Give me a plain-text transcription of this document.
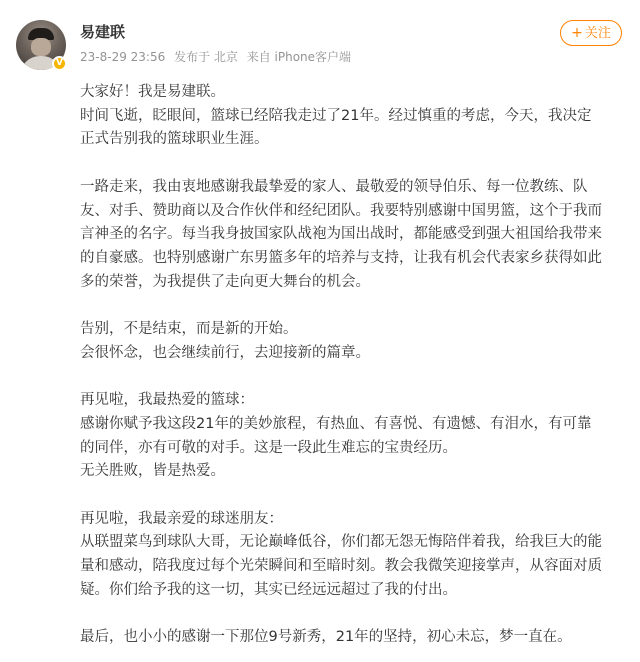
V
易建联
23-8-29 23:56 发布于 北京 来自 iPhone客户端
+ 关注

大家好！我是易建联。

时间飞逝，眨眼间，篮球已经陪我走过了21年。经过慎重的考虑，今天，我决定

正式告别我的篮球职业生涯。

一路走来，我由衷地感谢我最挚爱的家人、最敬爱的领导伯乐、每一位教练、队

友、对手、赞助商以及合作伙伴和经纪团队。我要特别感谢中国男篮，这个于我而

言神圣的名字。每当我身披国家队战袍为国出战时，都能感受到强大祖国给我带来

的自豪感。也特别感谢广东男篮多年的培养与支持，让我有机会代表家乡获得如此

多的荣誉，为我提供了走向更大舞台的机会。

告别，不是结束，而是新的开始。

会很怀念，也会继续前行，去迎接新的篇章。

再见啦，我最热爱的篮球：

感谢你赋予我这段21年的美妙旅程，有热血、有喜悦、有遗憾、有泪水，有可靠

的同伴，亦有可敬的对手。这是一段此生难忘的宝贵经历。

无关胜败，皆是热爱。

再见啦，我最亲爱的球迷朋友：

从联盟菜鸟到球队大哥，无论巅峰低谷，你们都无怨无悔陪伴着我，给我巨大的能

量和感动，陪我度过每个光荣瞬间和至暗时刻。教会我微笑迎接掌声，从容面对质

疑。你们给予我的这一切，其实已经远远超过了我的付出。

最后，也小小的感谢一下那位9号新秀，21年的坚持，初心未忘，梦一直在。
